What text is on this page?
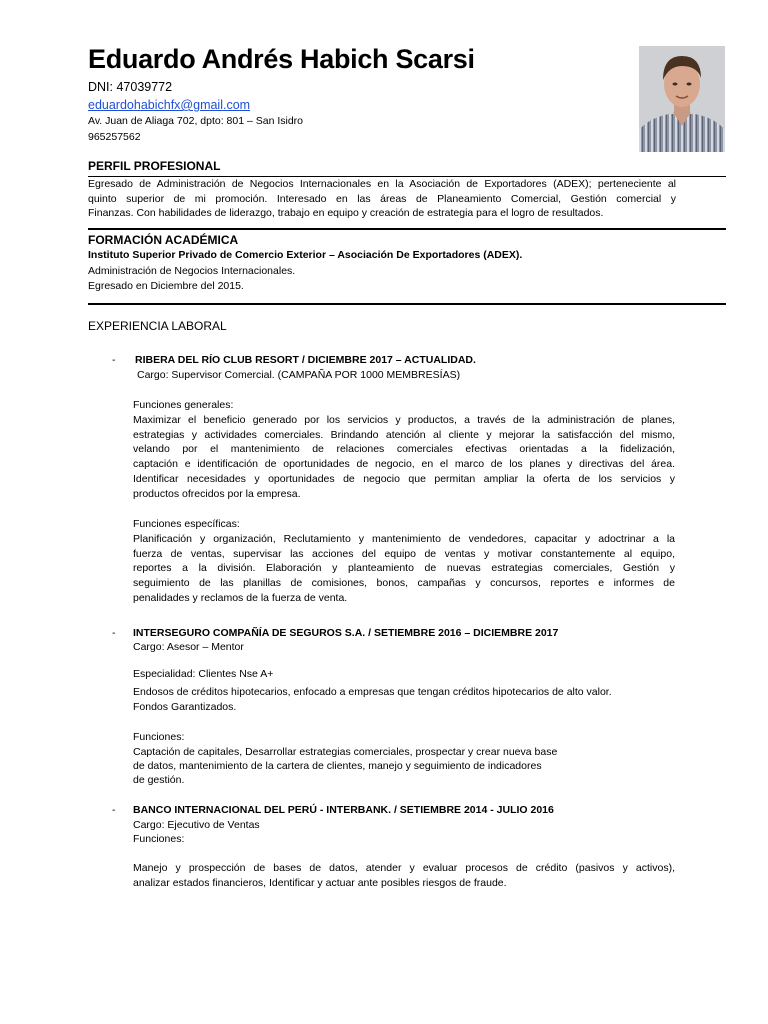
Eduardo Andrés Habich Scarsi
DNI: 47039772
eduardohabichfx@gmail.com
Av. Juan de Aliaga 702, dpto: 801 – San Isidro
965257562
PERFIL PROFESIONAL
Egresado de Administración de Negocios Internacionales en la Asociación de Exportadores (ADEX); perteneciente al
quinto superior de mi promoción. Interesado en las áreas de Planeamiento Comercial, Gestión comercial y
Finanzas. Con habilidades de liderazgo, trabajo en equipo y creación de estrategia para el logro de resultados.
FORMACIÓN ACADÉMICA
Instituto Superior Privado de Comercio Exterior – Asociación De Exportadores (ADEX).
Administración de Negocios Internacionales.
Egresado en Diciembre del 2015.
EXPERIENCIA LABORAL
- RIBERA DEL RÍO CLUB RESORT / DICIEMBRE 2017 – ACTUALIDAD.
Cargo: Supervisor Comercial. (CAMPAÑA POR 1000 MEMBRESÍAS)
Funciones generales:
Maximizar el beneficio generado por los servicios y productos, a través de la administración de planes,
estrategias y actividades comerciales. Brindando atención al cliente y mejorar la satisfacción del mismo,
velando por el mantenimiento de relaciones comerciales efectivas orientadas a la fidelización,
captación e identificación de oportunidades de negocio, en el marco de los planes y directivas del área.
Identificar necesidades y oportunidades de negocio que permitan ampliar la oferta de los servicios y
productos ofrecidos por la empresa.
Funciones específicas:
Planificación y organización, Reclutamiento y mantenimiento de vendedores, capacitar y adoctrinar a la
fuerza de ventas, supervisar las acciones del equipo de ventas y motivar constantemente al equipo,
reportes a la división. Elaboración y planteamiento de nuevas estrategias comerciales, Gestión y
seguimiento de las planillas de comisiones, bonos, campañas y concursos, reportes e informes de
penalidades y reclamos de la fuerza de venta.
- INTERSEGURO COMPAÑÍA DE SEGUROS S.A. / SETIEMBRE 2016 – DICIEMBRE 2017
Cargo: Asesor – Mentor
Especialidad: Clientes Nse A+
Endosos de créditos hipotecarios, enfocado a empresas que tengan créditos hipotecarios de alto valor.
Fondos Garantizados.
Funciones:
Captación de capitales, Desarrollar estrategias comerciales, prospectar y crear nueva base
de datos, mantenimiento de la cartera de clientes, manejo y seguimiento de indicadores
de gestión.
- BANCO INTERNACIONAL DEL PERÚ - INTERBANK. / SETIEMBRE 2014 - JULIO 2016
Cargo: Ejecutivo de Ventas
Funciones:
Manejo y prospección de bases de datos, atender y evaluar procesos de crédito (pasivos y activos),
analizar estados financieros, Identificar y actuar ante posibles riesgos de fraude.
